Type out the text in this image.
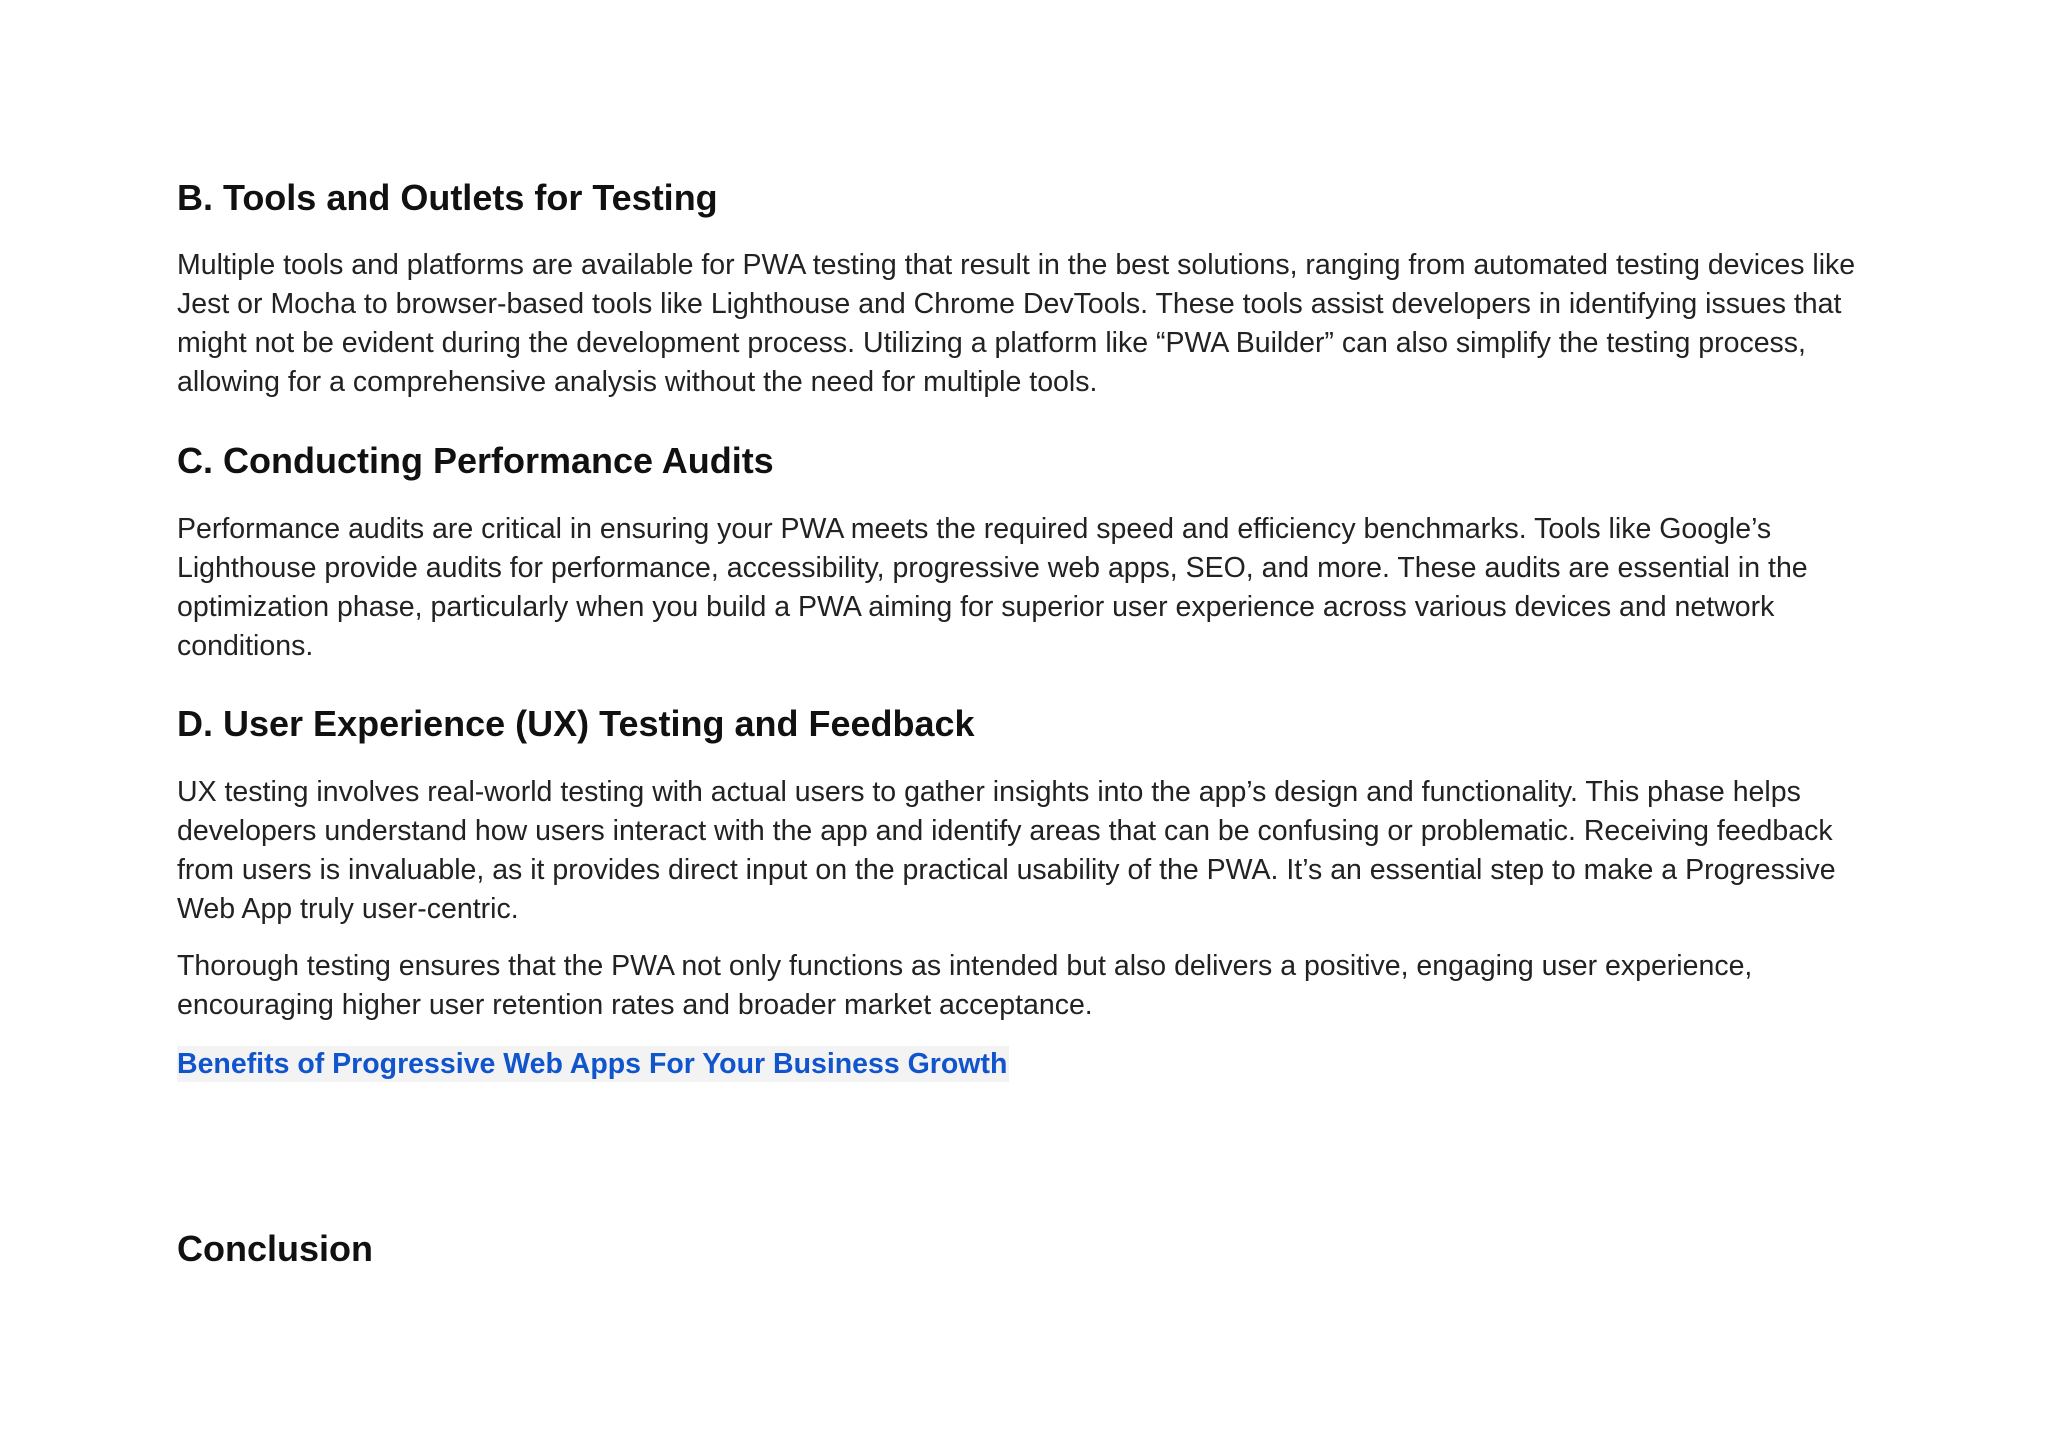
B. Tools and Outlets for Testing

Multiple tools and platforms are available for PWA testing that result in the best solutions, ranging from automated testing devices like Jest or Mocha to browser-based tools like Lighthouse and Chrome DevTools. These tools assist developers in identifying issues that might not be evident during the development process. Utilizing a platform like “PWA Builder” can also simplify the testing process, allowing for a comprehensive analysis without the need for multiple tools.

C. Conducting Performance Audits

Performance audits are critical in ensuring your PWA meets the required speed and efficiency benchmarks. Tools like Google’s Lighthouse provide audits for performance, accessibility, progressive web apps, SEO, and more. These audits are essential in the optimization phase, particularly when you build a PWA aiming for superior user experience across various devices and network conditions.

D. User Experience (UX) Testing and Feedback

UX testing involves real-world testing with actual users to gather insights into the app’s design and functionality. This phase helps developers understand how users interact with the app and identify areas that can be confusing or problematic. Receiving feedback from users is invaluable, as it provides direct input on the practical usability of the PWA. It’s an essential step to make a Progressive Web App truly user-centric.

Thorough testing ensures that the PWA not only functions as intended but also delivers a positive, engaging user experience, encouraging higher user retention rates and broader market acceptance.

Benefits of Progressive Web Apps For Your Business Growth
Conclusion
